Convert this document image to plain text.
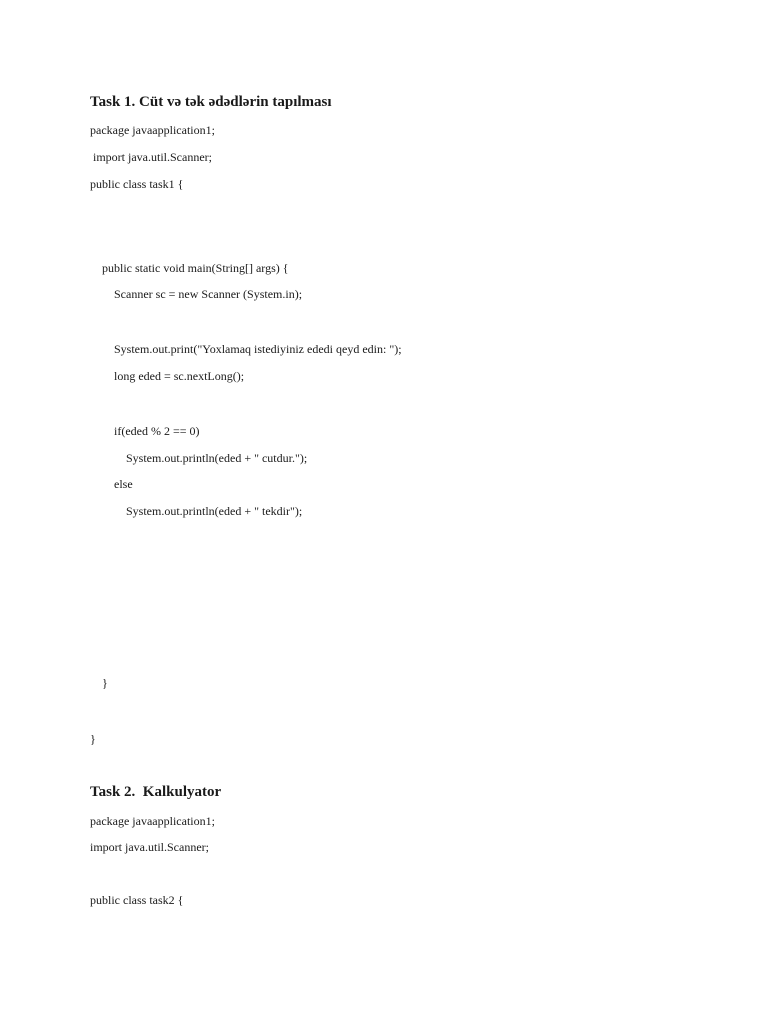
Task 1. Cüt və tək ədədlərin tapılması
package javaapplication1;
import java.util.Scanner;
public class task1 {
public static void main(String[] args) {
Scanner sc = new Scanner (System.in);
System.out.print("Yoxlamaq istediyiniz ededi qeyd edin: ");
long eded = sc.nextLong();
if(eded % 2 == 0)
System.out.println(eded + " cutdur.");
else
System.out.println(eded + " tekdir");
}
}
Task 2.  Kalkulyator
package javaapplication1;
import java.util.Scanner;
public class task2 {
